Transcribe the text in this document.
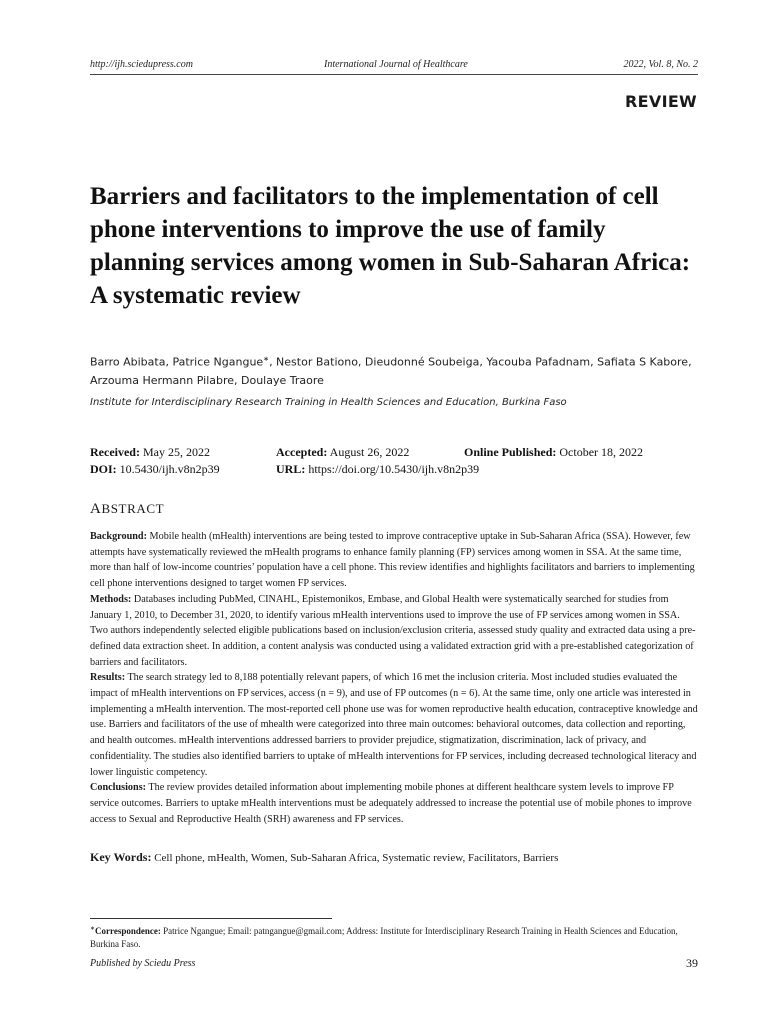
http://ijh.sciedupress.com	International Journal of Healthcare	2022, Vol. 8, No. 2
REVIEW
Barriers and facilitators to the implementation of cell phone interventions to improve the use of family planning services among women in Sub-Saharan Africa: A systematic review
Barro Abibata, Patrice Ngangue∗, Nestor Bationo, Dieudonné Soubeiga, Yacouba Pafadnam, Safiata S Kabore, Arzouma Hermann Pilabre, Doulaye Traore
Institute for Interdisciplinary Research Training in Health Sciences and Education, Burkina Faso
Received: May 25, 2022	Accepted: August 26, 2022	Online Published: October 18, 2022
DOI: 10.5430/ijh.v8n2p39	URL: https://doi.org/10.5430/ijh.v8n2p39
ABSTRACT

Background: Mobile health (mHealth) interventions are being tested to improve contraceptive uptake in Sub-Saharan Africa (SSA). However, few attempts have systematically reviewed the mHealth programs to enhance family planning (FP) services among women in SSA. At the same time, more than half of low-income countries’ population have a cell phone. This review identifies and highlights facilitators and barriers to implementing cell phone interventions designed to target women FP services.

Methods: Databases including PubMed, CINAHL, Epistemonikos, Embase, and Global Health were systematically searched for studies from January 1, 2010, to December 31, 2020, to identify various mHealth interventions used to improve the use of FP services among women in SSA. Two authors independently selected eligible publications based on inclusion/exclusion criteria, assessed study quality and extracted data using a pre-defined data extraction sheet. In addition, a content analysis was conducted using a validated extraction grid with a pre-established categorization of barriers and facilitators.

Results: The search strategy led to 8,188 potentially relevant papers, of which 16 met the inclusion criteria. Most included studies evaluated the impact of mHealth interventions on FP services, access (n = 9), and use of FP outcomes (n = 6). At the same time, only one article was interested in implementing a mHealth intervention. The most-reported cell phone use was for women reproductive health education, contraceptive knowledge and use. Barriers and facilitators of the use of mhealth were categorized into three main outcomes: behavioral outcomes, data collection and reporting, and health outcomes. mHealth interventions addressed barriers to provider prejudice, stigmatization, discrimination, lack of privacy, and confidentiality. The studies also identified barriers to uptake of mHealth interventions for FP services, including decreased technological literacy and lower linguistic competency.

Conclusions: The review provides detailed information about implementing mobile phones at different healthcare system levels to improve FP service outcomes. Barriers to uptake mHealth interventions must be adequately addressed to increase the potential use of mobile phones to improve access to Sexual and Reproductive Health (SRH) awareness and FP services.

Key Words: Cell phone, mHealth, Women, Sub-Saharan Africa, Systematic review, Facilitators, Barriers
∗Correspondence: Patrice Ngangue; Email: patngangue@gmail.com; Address: Institute for Interdisciplinary Research Training in Health Sciences and Education, Burkina Faso.
Published by Sciedu Press	39
